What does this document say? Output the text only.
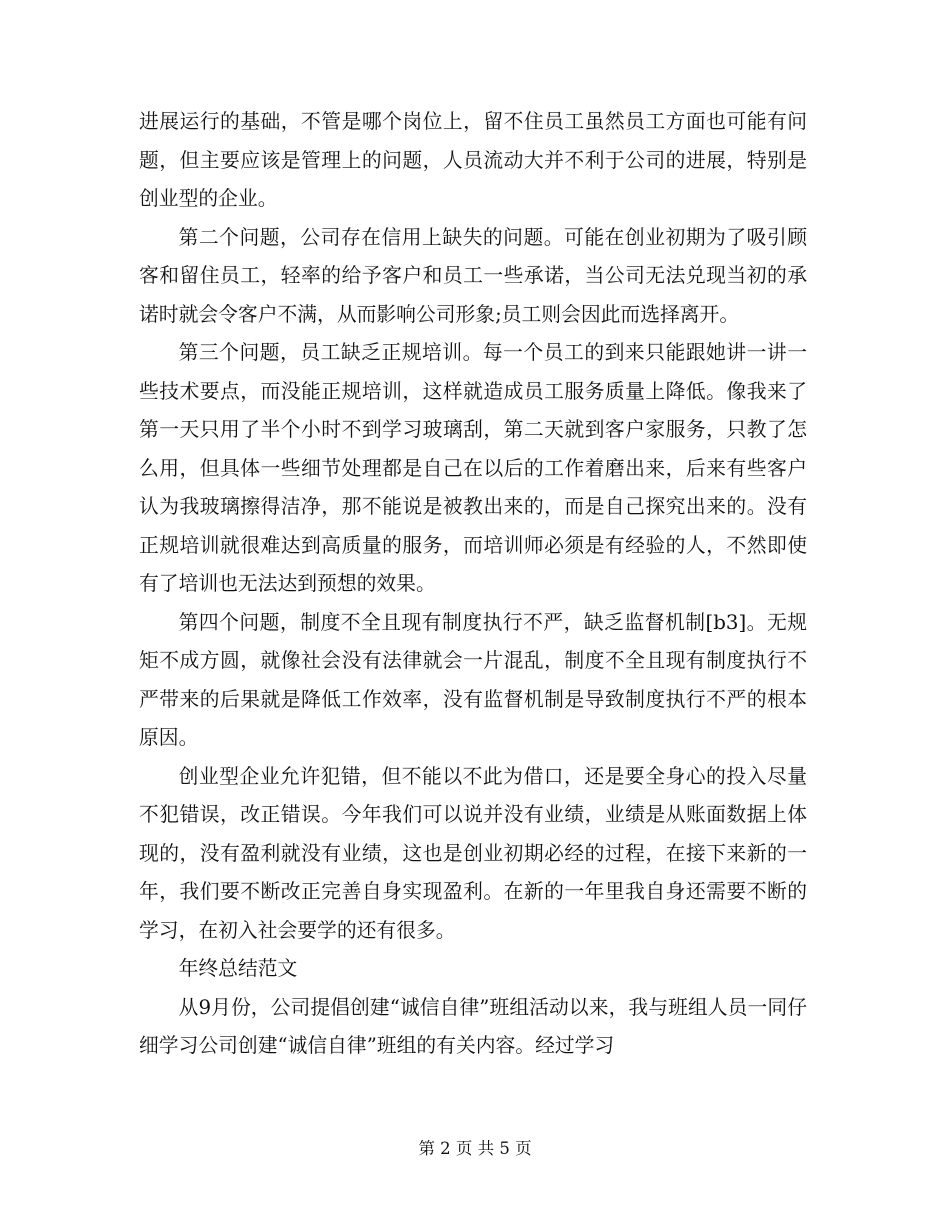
进展运行的基础，不管是哪个岗位上，留不住员工虽然员工方面也可能有问题，但主要应该是管理上的问题，人员流动大并不利于公司的进展，特别是创业型的企业。

第二个问题，公司存在信用上缺失的问题。可能在创业初期为了吸引顾客和留住员工，轻率的给予客户和员工一些承诺，当公司无法兑现当初的承诺时就会令客户不满，从而影响公司形象;员工则会因此而选择离开。

第三个问题，员工缺乏正规培训。每一个员工的到来只能跟她讲一讲一些技术要点，而没能正规培训，这样就造成员工服务质量上降低。像我来了第一天只用了半个小时不到学习玻璃刮，第二天就到客户家服务，只教了怎么用，但具体一些细节处理都是自己在以后的工作着磨出来，后来有些客户认为我玻璃擦得洁净，那不能说是被教出来的，而是自己探究出来的。没有正规培训就很难达到高质量的服务，而培训师必须是有经验的人，不然即使有了培训也无法达到预想的效果。

第四个问题，制度不全且现有制度执行不严，缺乏监督机制[b3]。无规矩不成方圆，就像社会没有法律就会一片混乱，制度不全且现有制度执行不严带来的后果就是降低工作效率，没有监督机制是导致制度执行不严的根本原因。

创业型企业允许犯错，但不能以不此为借口，还是要全身心的投入尽量不犯错误，改正错误。今年我们可以说并没有业绩，业绩是从账面数据上体现的，没有盈利就没有业绩，这也是创业初期必经的过程，在接下来新的一年，我们要不断改正完善自身实现盈利。在新的一年里我自身还需要不断的学习，在初入社会要学的还有很多。

年终总结范文

从9月份，公司提倡创建“诚信自律”班组活动以来，我与班组人员一同仔细学习公司创建“诚信自律”班组的有关内容。经过学习

第 2 页 共 5 页
